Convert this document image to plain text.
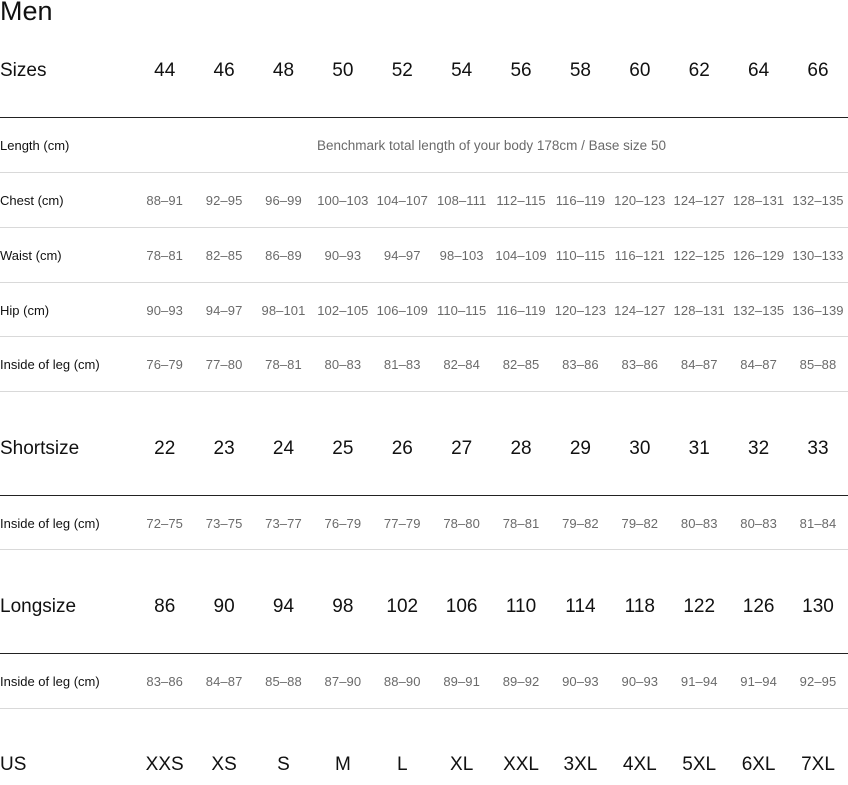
Men
Sizes	44	46	48	50	52	54	56	58	60	62	64	66
Length (cm)	Benchmark total length of your body 178cm / Base size 50
Chest (cm)	88–91	92–95	96–99	100–103 104–107 108–111 112–115 116–119 120–123 124–127 128–131 132–135
Waist (cm)	78–81	82–85	86–89	90–93	94–97	98–103 104–109 110–115 116–121 122–125 126–129 130–133
Hip (cm)	90–93	94–97	98–101 102–105 106–109 110–115 116–119 120–123 124–127 128–131 132–135 136–139
Inside of leg (cm)	76–79	77–80	78–81	80–83	81–83	82–84	82–85	83–86	83–86	84–87	84–87	85–88
Shortsize	22	23	24	25	26	27	28	29	30	31	32	33
Inside of leg (cm)	72–75	73–75	73–77	76–79	77–79	78–80	78–81	79–82	79–82	80–83	80–83	81–84
Longsize	86	90	94	98	102	106	110	114	118	122	126	130
Inside of leg (cm)	83–86	84–87	85–88	87–90	88–90	89–91	89–92	90–93	90–93	91–94	91–94	92–95
US	XXS	XS	S	M	L	XL	XXL	3XL	4XL	5XL	6XL	7XL
